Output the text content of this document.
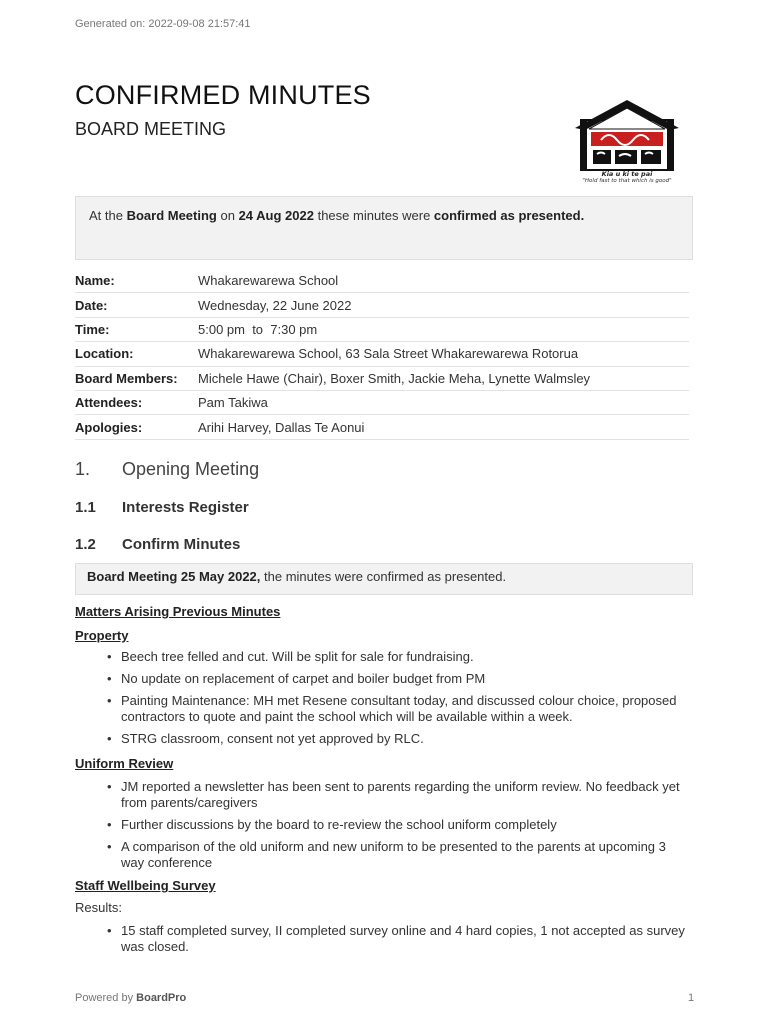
Generated on: 2022-09-08 21:57:41
CONFIRMED MINUTES
BOARD MEETING
Kia u ki te pai
"Hold fast to that which is good"
At the Board Meeting on 24 Aug 2022 these minutes were confirmed as presented.
Name:	Whakarewarewa School
Date:	Wednesday, 22 June 2022
Time:	5:00 pm  to  7:30 pm
Location:	Whakarewarewa School, 63 Sala Street Whakarewarewa Rotorua
Board Members:	Michele Hawe (Chair), Boxer Smith, Jackie Meha, Lynette Walmsley
Attendees:	Pam Takiwa
Apologies:	Arihi Harvey, Dallas Te Aonui
1. Opening Meeting
1.1 Interests Register
1.2 Confirm Minutes
Board Meeting 25 May 2022, the minutes were confirmed as presented.
Matters Arising Previous Minutes
Property
• Beech tree felled and cut. Will be split for sale for fundraising.
• No update on replacement of carpet and boiler budget from PM
• Painting Maintenance: MH met Resene consultant today, and discussed colour choice, proposed contractors to quote and paint the school which will be available within a week.
• STRG classroom, consent not yet approved by RLC.
Uniform Review
• JM reported a newsletter has been sent to parents regarding the uniform review. No feedback yet from parents/caregivers
• Further discussions by the board to re-review the school uniform completely
• A comparison of the old uniform and new uniform to be presented to the parents at upcoming 3 way conference
Staff Wellbeing Survey
Results:
• 15 staff completed survey, II completed survey online and 4 hard copies, 1 not accepted as survey was closed.
Powered by BoardPro	1
